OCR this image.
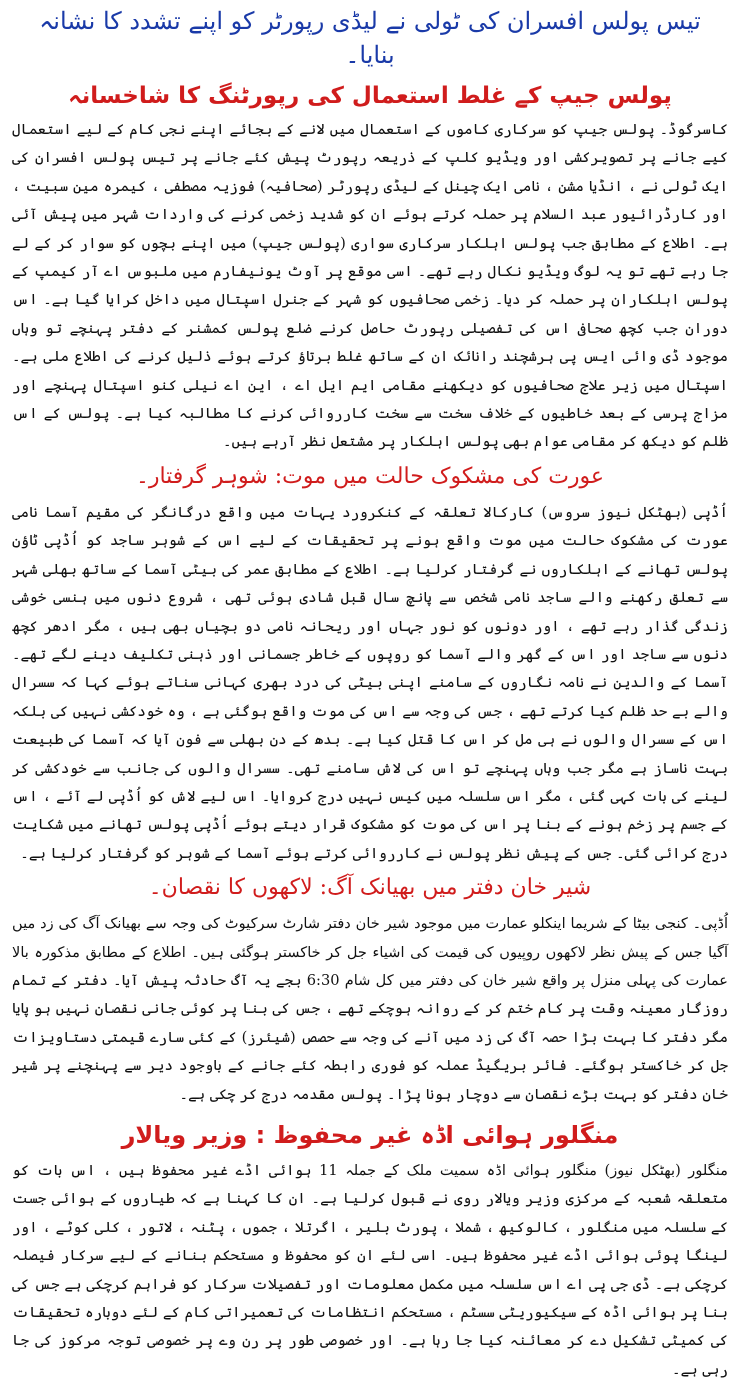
تیس پولس افسران کی ٹولی نے لیڈی رپورٹر کو اپنے تشدد کا نشانہ بنایا۔
پولس جیپ کے غلط استعمال کی رپورٹنگ کا شاخسانہ

کاسرگوڈ۔ پولس جیپ کو سرکاری کاموں کے استعمال میں لانے کے بجائے اپنے نجی کام کے لیے استعمال کیے جانے پر تصویرکشی اور ویڈیو کلپ کے ذریعہ رپورٹ پیش کئے جانے پر تیس پولس افسران کی ایک ٹولی نے ، انڈیا مشن ، نامی ایک چینل کے لیڈی رپورٹر (صحافیہ) فوزیہ مصطفی ، کیمرہ مین سبیت ، اور کارڈرائیور عبد السلام پر حملہ کرتے ہوئے ان کو شدید زخمی کرنے کی واردات شہر میں پیش آئی ہے۔ اطلاع کے مطابق جب پولس اہلکار سرکاری سواری (پولس جیپ) میں اپنے بچوں کو سوار کر کے لے جا رہے تھے تو یہ لوگ ویڈیو نکال رہے تھے۔ اسی موقع پر آوٹ یونیفارم میں ملبوس اے آر کیمپ کے پولس اہلکاران پر حملہ کر دیا۔ زخمی صحافیوں کو شہر کے جنرل اسپتال میں داخل کرایا گیا ہے۔ اس دوران جب کچھ صحافی اس کی تفصیلی رپورٹ حاصل کرنے ضلع پولس کمشنر کے دفتر پہنچے تو وہاں موجود ڈی وائی ایس پی ہرشچند رانائک ان کے ساتھ غلط برتاؤ کرتے ہوئے ذلیل کرنے کی اطلاع ملی ہے۔ اسپتال میں زیر علاج صحافیوں کو دیکھنے مقامی ایم ایل اے ، این اے نیلی کنو اسپتال پہنچے اور مزاج پرسی کے بعد خاطیوں کے خلاف سخت سے سخت کارروائی کرنے کا مطالبہ کیا ہے۔ پولس کے اس ظلم کو دیکھ کر مقامی عوام بھی پولس اہلکار پر مشتعل نظر آرہے ہیں۔

عورت کی مشکوک حالت میں موت: شوہر گرفتار۔

اُڈپی (بھٹکل نیوز سروس) کارکالا تعلقہ کے کنکرورد یہات میں واقع درگانگر کی مقیم آسما نامی عورت کی مشکوک حالت میں موت واقع ہونے پر تحقیقات کے لیے اس کے شوہر ساجد کو اُڈپی ٹاؤن پولس تھانے کے اہلکاروں نے گرفتار کرلیا ہے۔ اطلاع کے مطابق عمر کی بیٹی آسما کے ساتھ بھلی شہر سے تعلق رکھنے والے ساجد نامی شخص سے پانچ سال قبل شادی ہوئی تھی ، شروع دنوں میں ہنسی خوشی زندگی گذار رہے تھے ، اور دونوں کو نور جہاں اور ریحانہ نامی دو بچیاں بھی ہیں ، مگر ادھر کچھ دنوں سے ساجد اور اس کے گھر والے آسما کو روپوں کے خاطر جسمانی اور ذہنی تکلیف دینے لگے تھے۔ آسما کے والدین نے نامہ نگاروں کے سامنے اپنی بیٹی کی درد بھری کہانی سناتے ہوئے کہا کہ سسرال والے بے حد ظلم کیا کرتے تھے ، جس کی وجہ سے اس کی موت واقع ہوگئی ہے ، وہ خودکشی نہیں کی بلکہ اس کے سسرال والوں نے ہی مل کر اس کا قتل کیا ہے۔ بدھ کے دن بھلی سے فون آیا کہ آسما کی طبیعت بہت ناساز ہے مگر جب وہاں پہنچے تو اس کی لاش سامنے تھی۔ سسرال والوں کی جانب سے خودکشی کر لینے کی بات کہی گئی ، مگر اس سلسلہ میں کیس نہیں درج کروایا۔ اس لیے لاش کو اُڈپی لے آئے ، اس کے جسم پر زخم ہونے کے بنا پر اس کی موت کو مشکوک قرار دیتے ہوئے اُڈپی پولس تھانے میں شکایت درج کرائی گئی۔ جس کے پیش نظر پولس نے کارروائی کرتے ہوئے آسما کے شوہر کو گرفتار کرلیا ہے۔

شیر خان دفتر میں بھیانک آگ: لاکھوں کا نقصان۔

اُڈپی۔ کنجی بیٹا کے شریما اینکلو عمارت میں موجود شیر خان دفتر شارٹ سرکیوٹ کی وجہ سے بھیانک آگ کی زد میں آگیا جس کے پیش نظر لاکھوں روپیوں کی قیمت کی اشیاء جل کر خاکستر ہوگئی ہیں۔ اطلاع کے مطابق مذکورہ بالا عمارت کی پہلی منزل پر واقع شیر خان کی دفتر میں کل شام 6:30 بجے یہ آگ حادثہ پیش آیا۔ دفتر کے تمام روزگار معینہ وقت پر کام ختم کر کے روانہ ہوچکے تھے ، جس کی بنا پر کوئی جانی نقصان نہیں ہو پایا مگر دفتر کا بہت بڑا حصہ آگ کی زد میں آنے کی وجہ سے حصص (شیئرز) کے کئی سارے قیمتی دستاویزات جل کر خاکستر ہوگئے۔ فائر بریگیڈ عملہ کو فوری رابطہ کئے جانے کے باوجود دیر سے پہنچنے پر شیر خان دفتر کو بہت بڑے نقصان سے دوچار ہونا پڑا۔ پولس مقدمہ درج کر چکی ہے۔

منگلور ہوائی اڈہ غیر محفوظ : وزیر ویالار

منگلور (بھٹکل نیوز) منگلور ہوائی اڈہ سمیت ملک کے جملہ 11 ہوائی اڈے غیر محفوظ ہیں ، اس بات کو متعلقہ شعبہ کے مرکزی وزیر ویالار روی نے قبول کرلیا ہے۔ ان کا کہنا ہے کہ طیاروں کے ہوائی جست کے سلسلہ میں منگلور ، کالوکیھ ، شملا ، پورٹ بلیر ، اگرتلا ، جموں ، پٹنہ ، لاتور ، کلی کوٹے ، اور لینگا پوئی ہوائی اڈے غیر محفوظ ہیں۔ اسی لئے ان کو محفوظ و مستحکم بنانے کے لیے سرکار فیصلہ کرچکی ہے۔ ڈی جی پی اے اس سلسلہ میں مکمل معلومات اور تفصیلات سرکار کو فراہم کرچکی ہے جس کی بنا پر ہوائی اڈہ کے سیکیوریٹی سسٹم ، مستحکم انتظامات کی تعمیراتی کام کے لئے دوبارہ تحقیقات کی کمیٹی تشکیل دے کر معائنہ کیا جا رہا ہے۔ اور خصوصی طور پر رن وے پر خصوصی توجہ مرکوز کی جا رہی ہے۔
